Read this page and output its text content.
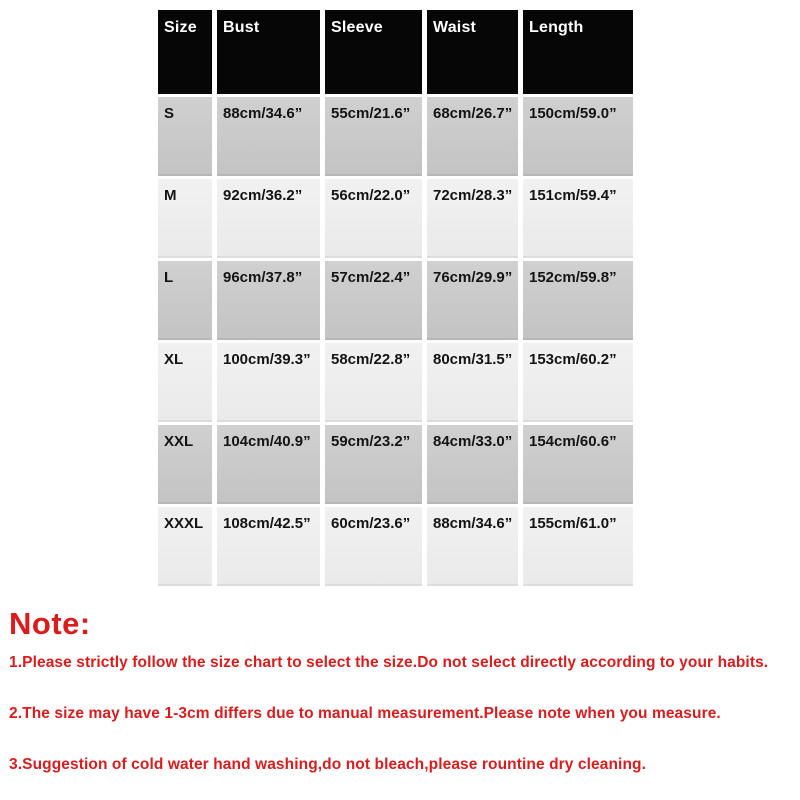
Size	Bust	Sleeve	Waist	Length
S	88cm/34.6”	55cm/21.6”	68cm/26.7”	150cm/59.0”
M	92cm/36.2”	56cm/22.0”	72cm/28.3”	151cm/59.4”
L	96cm/37.8”	57cm/22.4”	76cm/29.9”	152cm/59.8”
XL	100cm/39.3”	58cm/22.8”	80cm/31.5”	153cm/60.2”
XXL	104cm/40.9”	59cm/23.2”	84cm/33.0”	154cm/60.6”
XXXL	108cm/42.5”	60cm/23.6”	88cm/34.6”	155cm/61.0”
Note:
1.Please strictly follow the size chart to select the size.Do not select directly according to your habits.
2.The size may have 1-3cm differs due to manual measurement.Please note when you measure.
3.Suggestion of cold water hand washing,do not bleach,please rountine dry cleaning.
